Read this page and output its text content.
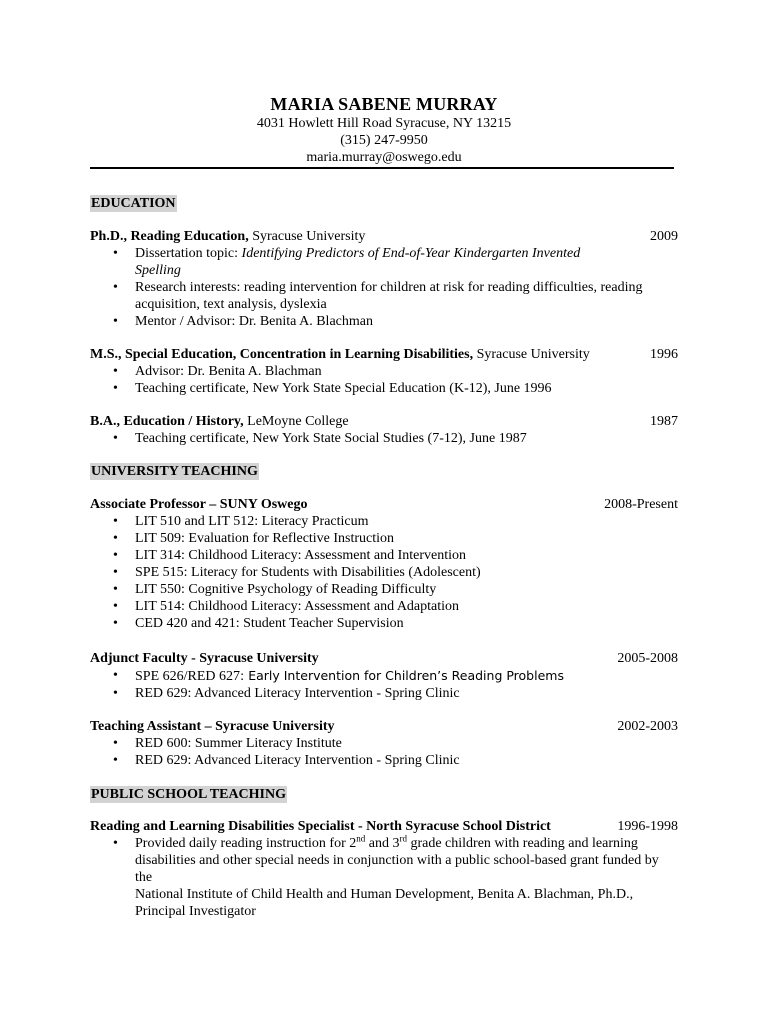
MARIA SABENE MURRAY
4031 Howlett Hill Road Syracuse, NY 13215
(315) 247-9950
maria.murray@oswego.edu
EDUCATION
Ph.D., Reading Education, Syracuse University	2009
• Dissertation topic: Identifying Predictors of End-of-Year Kindergarten Invented
Spelling
• Research interests: reading intervention for children at risk for reading difficulties, reading
acquisition, text analysis, dyslexia
• Mentor / Advisor: Dr. Benita A. Blachman
M.S., Special Education, Concentration in Learning Disabilities, Syracuse University	1996
• Advisor: Dr. Benita A. Blachman
• Teaching certificate, New York State Special Education (K-12), June 1996
B.A., Education / History, LeMoyne College	1987
• Teaching certificate, New York State Social Studies (7-12), June 1987
UNIVERSITY TEACHING
Associate Professor – SUNY Oswego	2008-Present
• LIT 510 and LIT 512: Literacy Practicum
• LIT 509: Evaluation for Reflective Instruction
• LIT 314: Childhood Literacy: Assessment and Intervention
• SPE 515: Literacy for Students with Disabilities (Adolescent)
• LIT 550: Cognitive Psychology of Reading Difficulty
• LIT 514: Childhood Literacy: Assessment and Adaptation
• CED 420 and 421: Student Teacher Supervision
Adjunct Faculty - Syracuse University	2005-2008
• SPE 626/RED 627: Early Intervention for Children’s Reading Problems
• RED 629: Advanced Literacy Intervention - Spring Clinic
Teaching Assistant – Syracuse University	2002-2003
• RED 600: Summer Literacy Institute
• RED 629: Advanced Literacy Intervention - Spring Clinic
PUBLIC SCHOOL TEACHING
Reading and Learning Disabilities Specialist - North Syracuse School District	1996-1998
• Provided daily reading instruction for 2nd and 3rd grade children with reading and learning
disabilities and other special needs in conjunction with a public school-based grant funded by the
National Institute of Child Health and Human Development, Benita A. Blachman, Ph.D.,
Principal Investigator
